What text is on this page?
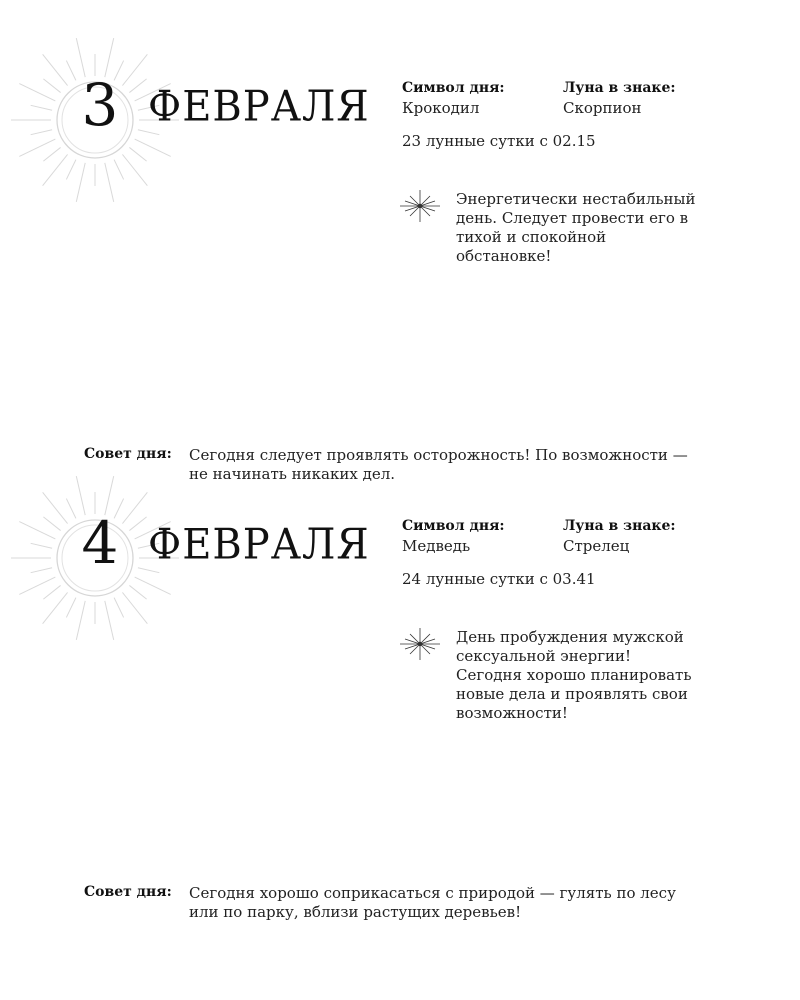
3 ФЕВРАЛЯ Символ дня:	Луна в знаке:
Крокодил	Скорпион
23 лунные сутки с 02.15
Энергетически нестабильный день. Следует провести его в тихой и спокойной обстановке!
Совет дня: Сегодня следует проявлять осторожность! По возможности — не начинать никаких дел.
4 ФЕВРАЛЯ Символ дня:	Луна в знаке:
Медведь	Стрелец
24 лунные сутки с 03.41
День пробуждения мужской сексуальной энергии! Сегодня хорошо планировать новые дела и проявлять свои возможности!
Совет дня: Сегодня хорошо соприкасаться с природой — гулять по лесу или по парку, вблизи растущих деревьев!
